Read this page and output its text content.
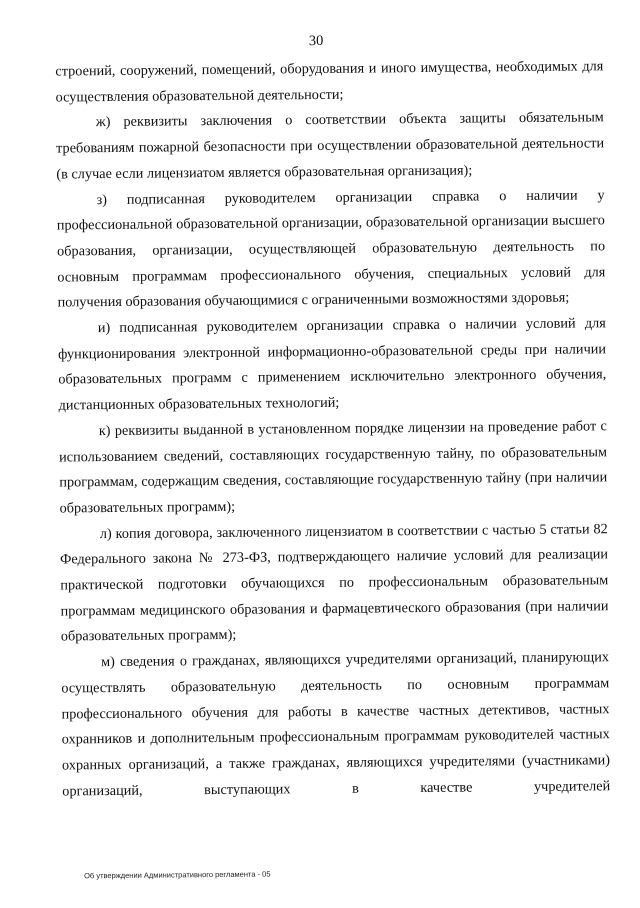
30

строений, сооружений, помещений, оборудования и иного имущества, необходимых для осуществления образовательной деятельности;

ж) реквизиты заключения о соответствии объекта защиты обязательным требованиям пожарной безопасности при осуществлении образовательной деятельности (в случае если лицензиатом является образовательная организация);

з) подписанная руководителем организации справка о наличии у профессиональной образовательной организации, образовательной организации высшего образования, организации, осуществляющей образовательную деятельность по основным программам профессионального обучения, специальных условий для получения образования обучающимися с ограниченными возможностями здоровья;

и) подписанная руководителем организации справка о наличии условий для функционирования электронной информационно-образовательной среды при наличии образовательных программ с применением исключительно электронного обучения, дистанционных образовательных технологий;

к) реквизиты выданной в установленном порядке лицензии на проведение работ с использованием сведений, составляющих государственную тайну, по образовательным программам, содержащим сведения, составляющие государственную тайну (при наличии образовательных программ);

л) копия договора, заключенного лицензиатом в соответствии с частью 5 статьи 82 Федерального закона № 273-ФЗ, подтверждающего наличие условий для реализации практической подготовки обучающихся по профессиональным образовательным программам медицинского образования и фармацевтического образования (при наличии образовательных программ);

м) сведения о гражданах, являющихся учредителями организаций, планирующих осуществлять образовательную деятельность по основным программам профессионального обучения для работы в качестве частных детективов, частных охранников и дополнительным профессиональным программам руководителей частных охранных организаций, а также гражданах, являющихся учредителями (участниками) организаций, выступающих в качестве учредителей

Об утверждении Административного регламента - 05
